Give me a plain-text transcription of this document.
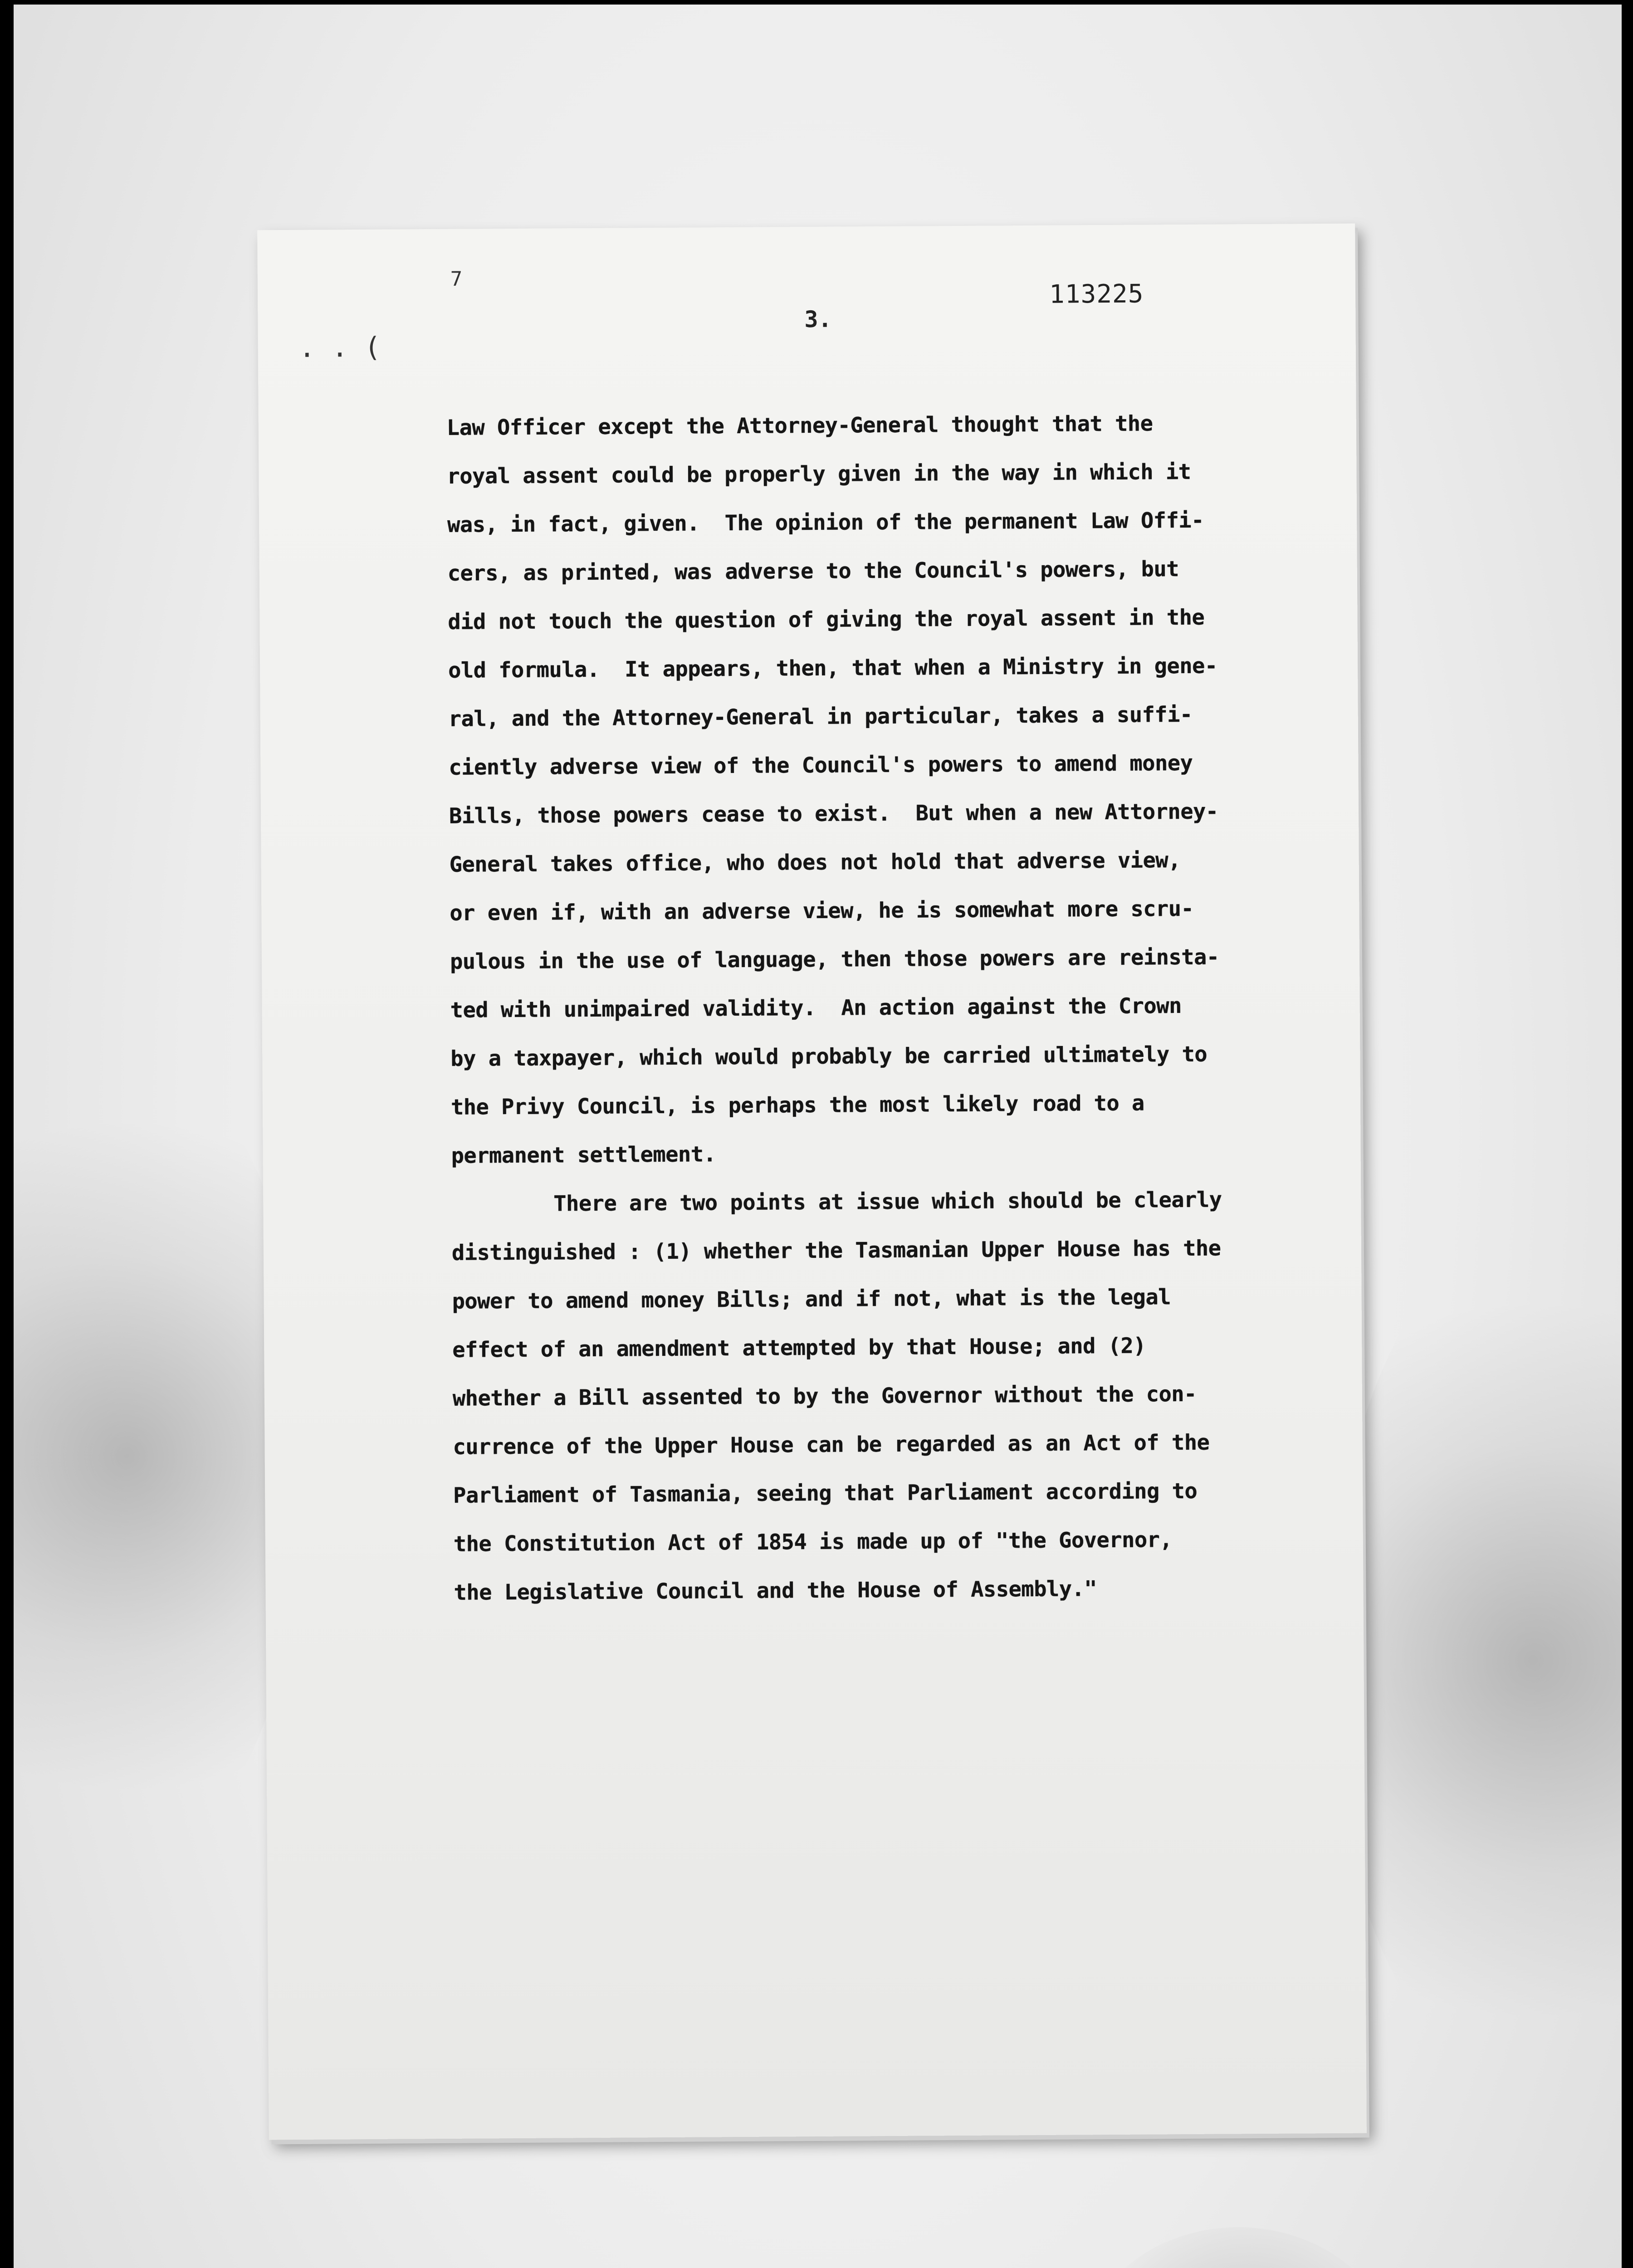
7
. . (
3.
113225
Law Officer except the Attorney-General thought that the
royal assent could be properly given in the way in which it
was, in fact, given.  The opinion of the permanent Law Offi-
cers, as printed, was adverse to the Council's powers, but
did not touch the question of giving the royal assent in the
old formula.  It appears, then, that when a Ministry in gene-
ral, and the Attorney-General in particular, takes a suffi-
ciently adverse view of the Council's powers to amend money
Bills, those powers cease to exist.  But when a new Attorney-
General takes office, who does not hold that adverse view,
or even if, with an adverse view, he is somewhat more scru-
pulous in the use of language, then those powers are reinsta-
ted with unimpaired validity.  An action against the Crown
by a taxpayer, which would probably be carried ultimately to
the Privy Council, is perhaps the most likely road to a
permanent settlement.
There are two points at issue which should be clearly
distinguished : (1) whether the Tasmanian Upper House has the
power to amend money Bills; and if not, what is the legal
effect of an amendment attempted by that House; and (2)
whether a Bill assented to by the Governor without the con-
currence of the Upper House can be regarded as an Act of the
Parliament of Tasmania, seeing that Parliament according to
the Constitution Act of 1854 is made up of "the Governor,
the Legislative Council and the House of Assembly."
